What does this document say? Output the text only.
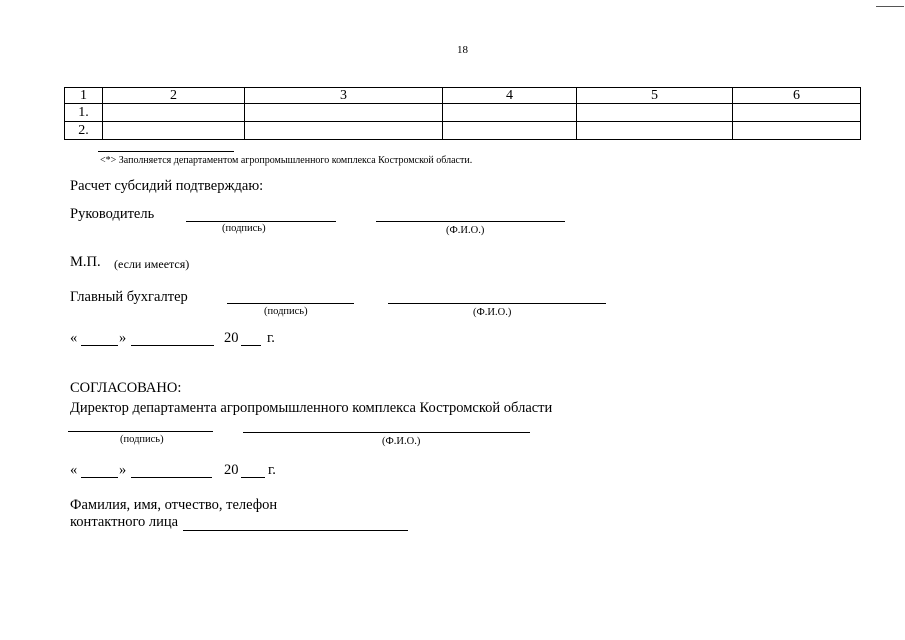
18
1	2	3	4	5	6
1.					
2.					
<*> Заполняется департаментом агропромышленного комплекса Костромской области.
Расчет субсидий подтверждаю:
Руководитель
(подпись)	(Ф.И.О.)
М.П. (если имеется)
Главный бухгалтер
(подпись)	(Ф.И.О.)
«	»	20 г.
СОГЛАСОВАНО:
Директор департамента агропромышленного комплекса Костромской области
(подпись)	(Ф.И.О.)
«	»	20 г.
Фамилия, имя, отчество, телефон
контактного лица
